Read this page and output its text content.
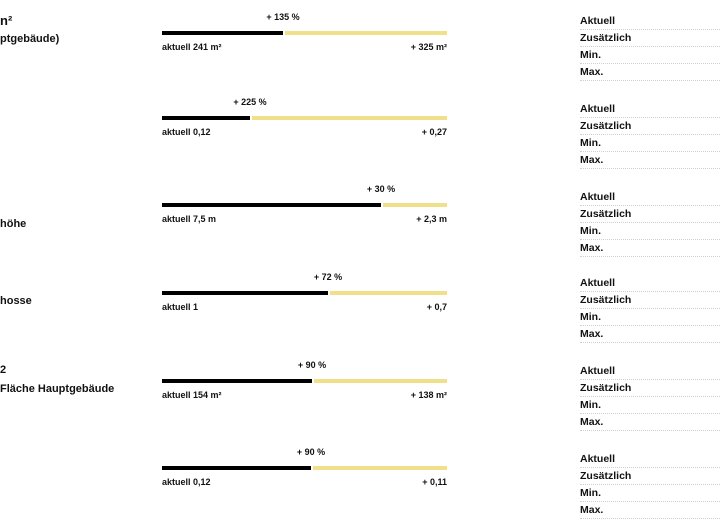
n²
ptgebäude)
+ 135 %
aktuell 241 m²	+ 325 m²
Aktuell
Zusätzlich
Min.
Max.
+ 225 %
aktuell 0,12	+ 0,27
Aktuell
Zusätzlich
Min.
Max.
höhe
+ 30 %
aktuell 7,5 m	+ 2,3 m
Aktuell
Zusätzlich
Min.
Max.
hosse
+ 72 %
aktuell 1	+ 0,7
Aktuell
Zusätzlich
Min.
Max.
2
Fläche Hauptgebäude
+ 90 %
aktuell 154 m²	+ 138 m²
Aktuell
Zusätzlich
Min.
Max.
+ 90 %
aktuell 0,12	+ 0,11
Aktuell
Zusätzlich
Min.
Max.
